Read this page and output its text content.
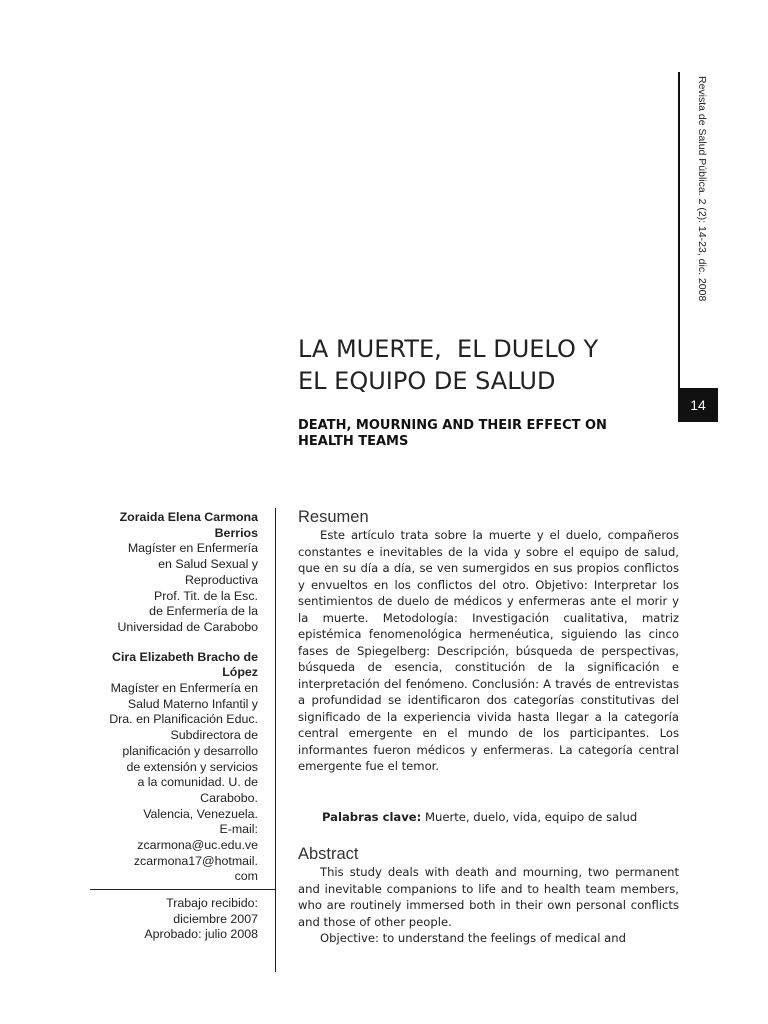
Revista de Salud Pública. 2 (2): 14-23, dic. 2008
14
LA MUERTE,  EL DUELO Y
EL EQUIPO DE SALUD
DEATH, MOURNING AND THEIR EFFECT ON
HEALTH TEAMS
Zoraida Elena Carmona
Berrios
Magíster en Enfermería
en Salud Sexual y
Reproductiva
Prof. Tit. de la Esc.
de Enfermería de la
Universidad de Carabobo
Cira Elizabeth Bracho de
López
Magíster en Enfermería en
Salud Materno Infantil y
Dra. en Planificación Educ.
Subdirectora de
planificación y desarrollo
de extensión y servicios
a la comunidad. U. de
Carabobo.
Valencia, Venezuela.
E-mail:
zcarmona@uc.edu.ve
zcarmona17@hotmail.
com
Trabajo recibido:
diciembre 2007
Aprobado: julio 2008
Resumen

Este artículo trata sobre la muerte y el duelo, compañeros constantes e inevitables de la vida y sobre el equipo de salud, que en su día a día, se ven sumergidos en sus propios conflictos y envueltos en los conflictos del otro. Objetivo: Interpretar los sentimientos de duelo de médicos y enfermeras ante el morir y la muerte. Metodología: Investigación cualitativa, matriz epistémica fenomenológica hermenéutica, siguiendo las cinco fases de Spiegelberg: Descripción, búsqueda de perspectivas, búsqueda de esencia, constitución de la significación e interpretación del fenómeno. Conclusión: A través de entrevistas a profundidad se identificaron dos categorías constitutivas del significado de la experiencia vivida hasta llegar a la categoría central emergente en el mundo de los participantes. Los informantes fueron médicos y enfermeras. La categoría central emergente fue el temor.

Palabras clave: Muerte, duelo, vida, equipo de salud
Abstract

This study deals with death and mourning, two permanent and inevitable companions to life and to health team members, who are routinely immersed both in their own personal conflicts and those of other people.

Objective: to understand the feelings of medical and
